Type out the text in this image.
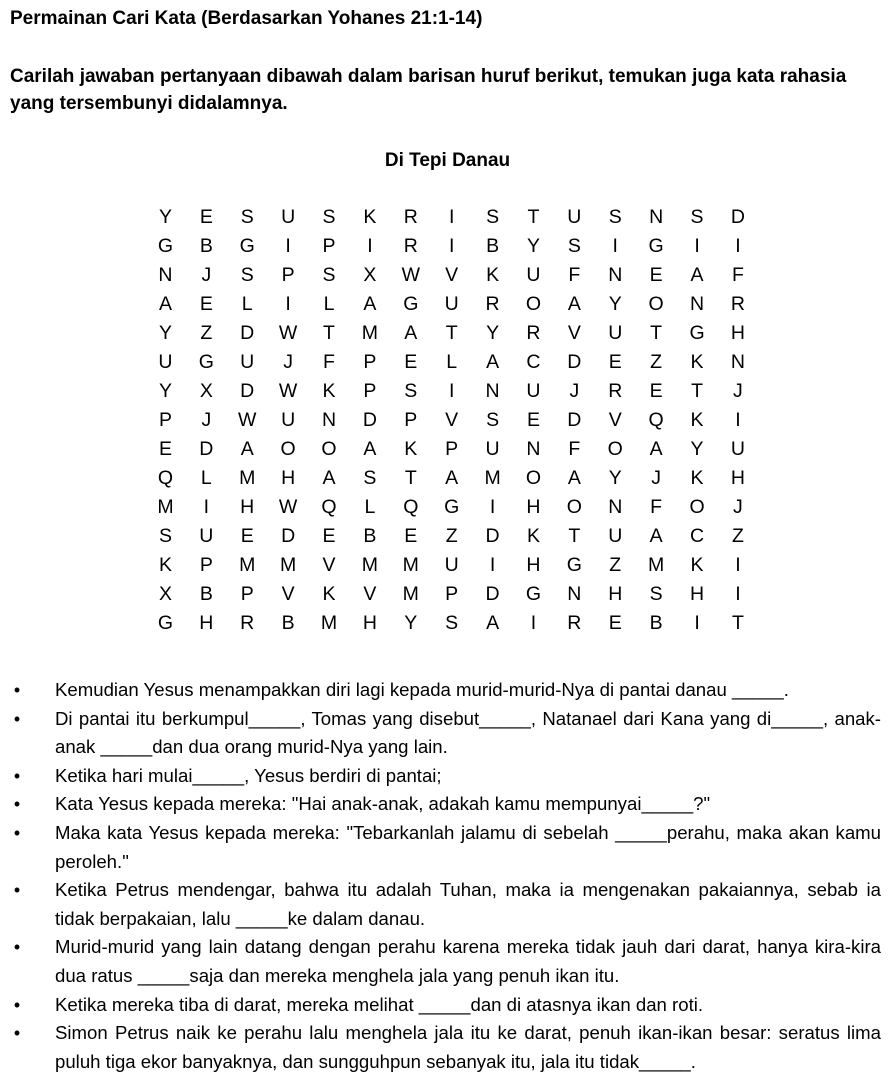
Permainan Cari Kata (Berdasarkan Yohanes 21:1-14)
Carilah jawaban pertanyaan dibawah dalam barisan huruf berikut, temukan juga kata rahasia yang tersembunyi didalamnya.
Di Tepi Danau
Y	E	S	U	S	K	R	I	S	T	U	S	N	S	D
G	B	G	I	P	I	R	I	B	Y	S	I	G	I	I
N	J	S	P	S	X	W	V	K	U	F	N	E	A	F
A	E	L	I	L	A	G	U	R	O	A	Y	O	N	R
Y	Z	D	W	T	M	A	T	Y	R	V	U	T	G	H
U	G	U	J	F	P	E	L	A	C	D	E	Z	K	N
Y	X	D	W	K	P	S	I	N	U	J	R	E	T	J
P	J	W	U	N	D	P	V	S	E	D	V	Q	K	I
E	D	A	O	O	A	K	P	U	N	F	O	A	Y	U
Q	L	M	H	A	S	T	A	M	O	A	Y	J	K	H
M	I	H	W	Q	L	Q	G	I	H	O	N	F	O	J
S	U	E	D	E	B	E	Z	D	K	T	U	A	C	Z
K	P	M	M	V	M	M	U	I	H	G	Z	M	K	I
X	B	P	V	K	V	M	P	D	G	N	H	S	H	I
G	H	R	B	M	H	Y	S	A	I	R	E	B	I	T
• Kemudian Yesus menampakkan diri lagi kepada murid-murid-Nya di pantai danau _____.
• Di pantai itu berkumpul_____, Tomas yang disebut_____, Natanael dari Kana yang di_____, anak-anak _____dan dua orang murid-Nya yang lain.
• Ketika hari mulai_____, Yesus berdiri di pantai;
• Kata Yesus kepada mereka: "Hai anak-anak, adakah kamu mempunyai_____?"
• Maka kata Yesus kepada mereka: "Tebarkanlah jalamu di sebelah _____perahu, maka akan kamu peroleh."
• Ketika Petrus mendengar, bahwa itu adalah Tuhan, maka ia mengenakan pakaiannya, sebab ia tidak berpakaian, lalu _____ke dalam danau.
• Murid-murid yang lain datang dengan perahu karena mereka tidak jauh dari darat, hanya kira-kira dua ratus _____saja dan mereka menghela jala yang penuh ikan itu.
• Ketika mereka tiba di darat, mereka melihat _____dan di atasnya ikan dan roti.
• Simon Petrus naik ke perahu lalu menghela jala itu ke darat, penuh ikan-ikan besar: seratus lima puluh tiga ekor banyaknya, dan sungguhpun sebanyak itu, jala itu tidak_____.
